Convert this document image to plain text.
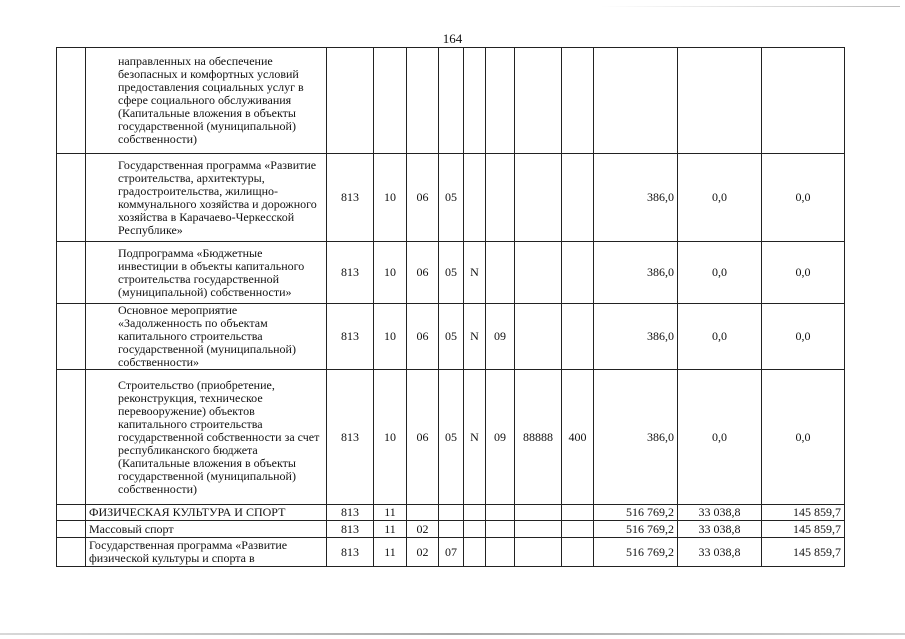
164
	направленных на обеспечение безопасных и комфортных условий предоставления социальных услуг в сфере социального обслуживания (Капитальные вложения в объекты государственной (муниципальной) собственности)											
	Государственная программа «Развитие строительства, архитектуры, градостроительства, жилищно-коммунального хозяйства и дорожного хозяйства в Карачаево-Черкесской Республике»	813	10	06	05					386,0	0,0	0,0
	Подпрограмма «Бюджетные инвестиции в объекты капитального строительства государственной (муниципальной) собственности»	813	10	06	05	N				386,0	0,0	0,0
	Основное мероприятие «Задолженность по объектам капитального строительства государственной (муниципальной) собственности»	813	10	06	05	N	09			386,0	0,0	0,0
	Строительство (приобретение, реконструкция, техническое перевооружение) объектов капитального строительства государственной собственности за счет республиканского бюджета (Капитальные вложения в объекты государственной (муниципальной) собственности)	813	10	06	05	N	09	88888	400	386,0	0,0	0,0
	ФИЗИЧЕСКАЯ КУЛЬТУРА И СПОРТ	813	11							516 769,2	33 038,8	145 859,7
	Массовый спорт	813	11	02						516 769,2	33 038,8	145 859,7
	Государственная программа «Развитие физической культуры и спорта в	813	11	02	07					516 769,2	33 038,8	145 859,7
